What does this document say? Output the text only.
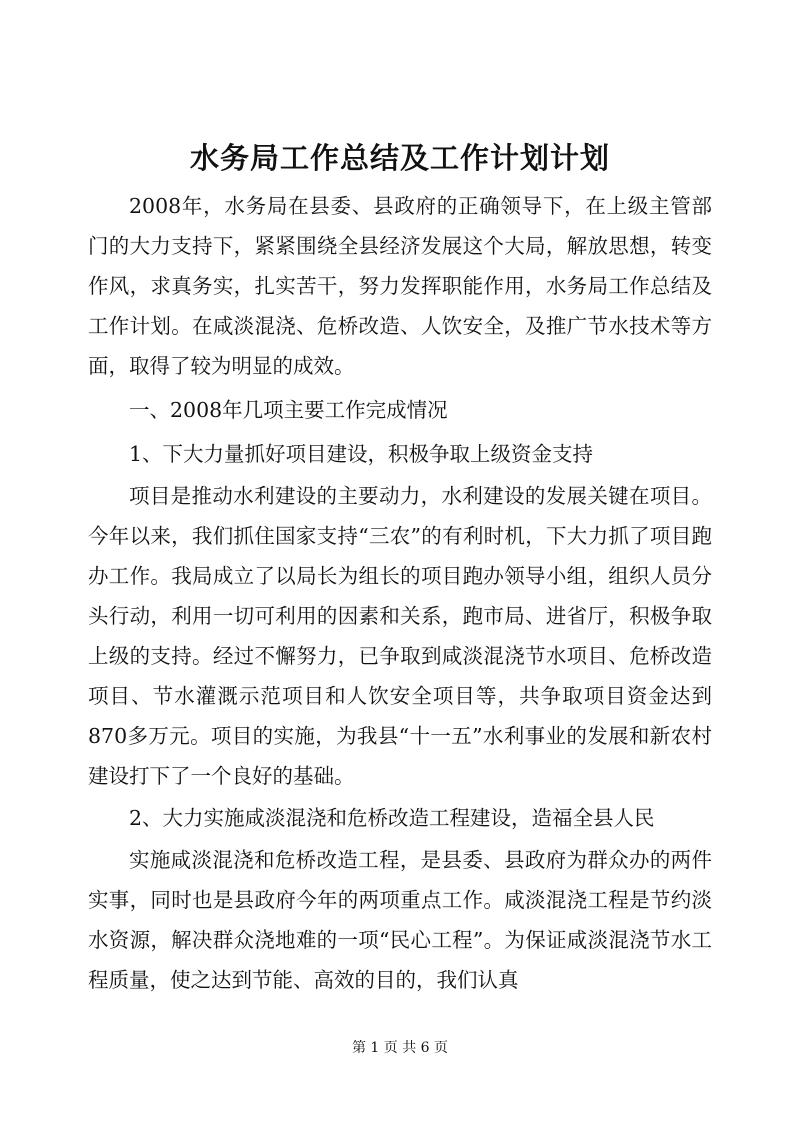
水务局工作总结及工作计划计划

2008年，水务局在县委、县政府的正确领导下，在上级主管部门的大力支持下，紧紧围绕全县经济发展这个大局，解放思想，转变作风，求真务实，扎实苦干，努力发挥职能作用，水务局工作总结及工作计划。在咸淡混浇、危桥改造、人饮安全，及推广节水技术等方面，取得了较为明显的成效。

一、2008年几项主要工作完成情况

1、下大力量抓好项目建设，积极争取上级资金支持

项目是推动水利建设的主要动力，水利建设的发展关键在项目。今年以来，我们抓住国家支持“三农”的有利时机，下大力抓了项目跑办工作。我局成立了以局长为组长的项目跑办领导小组，组织人员分头行动，利用一切可利用的因素和关系，跑市局、进省厅，积极争取上级的支持。经过不懈努力，已争取到咸淡混浇节水项目、危桥改造项目、节水灌溉示范项目和人饮安全项目等，共争取项目资金达到870多万元。项目的实施，为我县“十一五”水利事业的发展和新农村建设打下了一个良好的基础。

2、大力实施咸淡混浇和危桥改造工程建设，造福全县人民

实施咸淡混浇和危桥改造工程，是县委、县政府为群众办的两件实事，同时也是县政府今年的两项重点工作。咸淡混浇工程是节约淡水资源，解决群众浇地难的一项“民心工程”。为保证咸淡混浇节水工程质量，使之达到节能、高效的目的，我们认真

第 1 页 共 6 页
